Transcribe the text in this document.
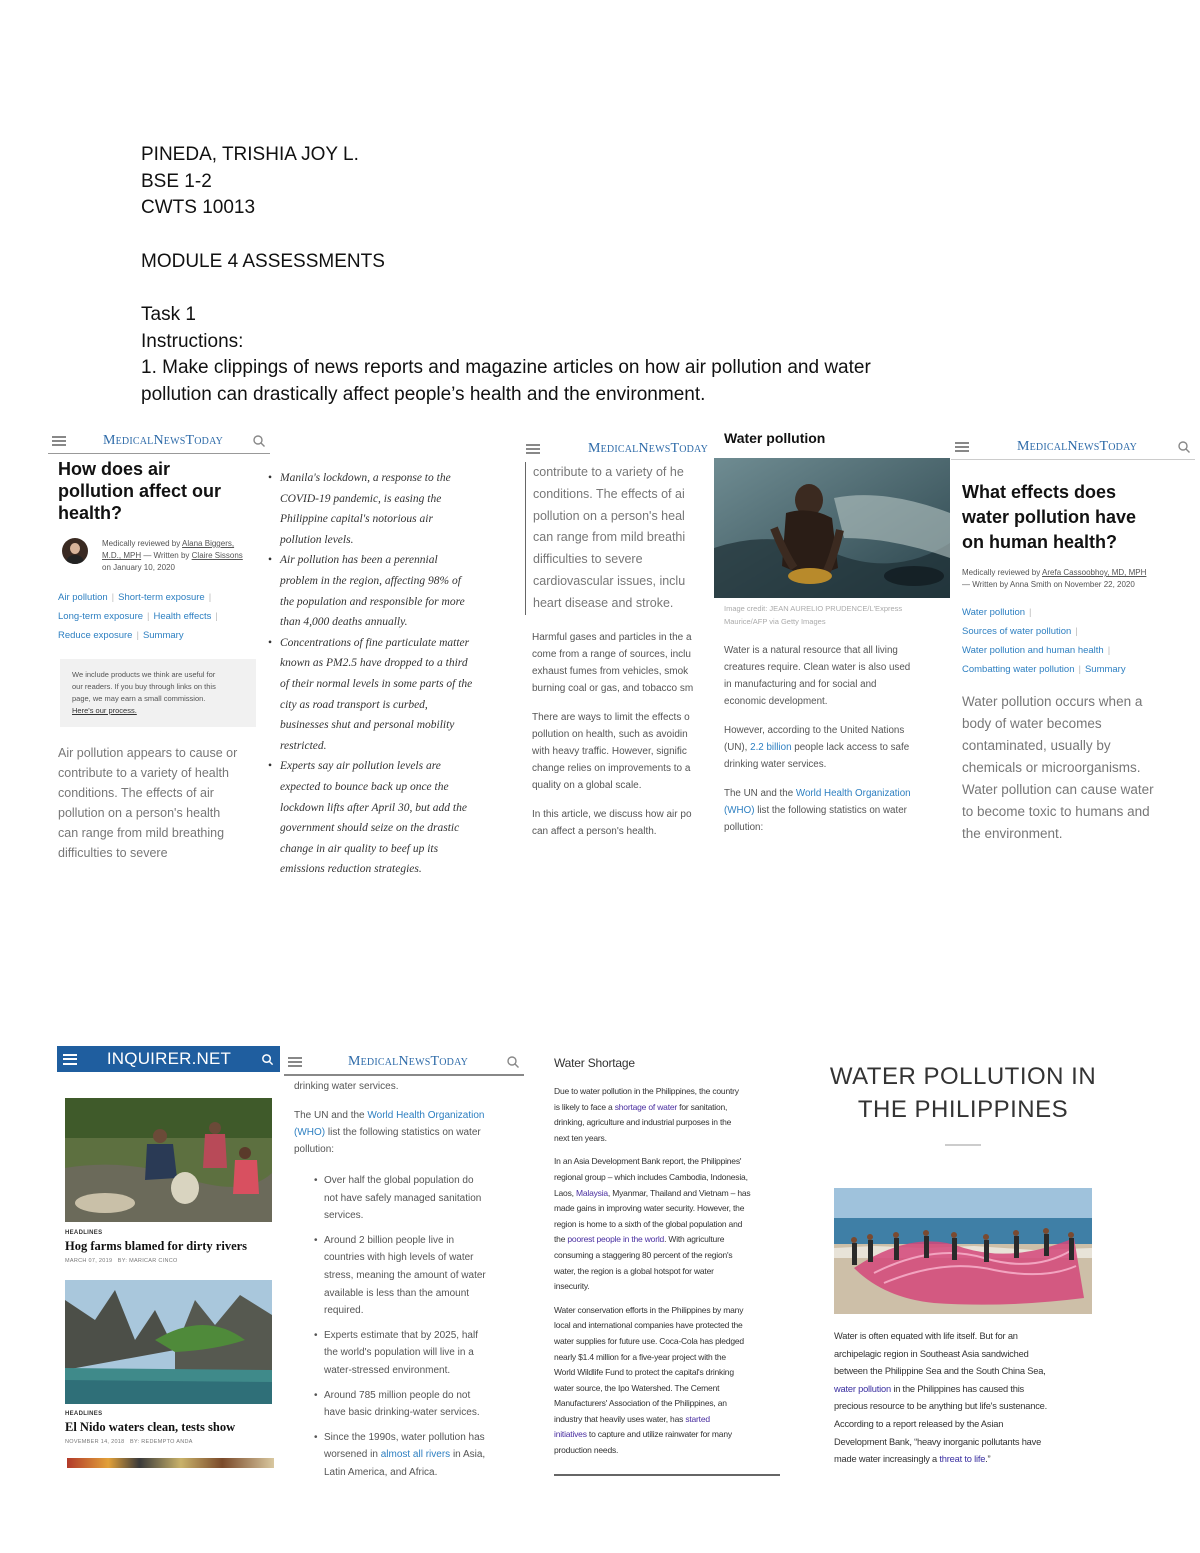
PINEDA, TRISHIA JOY L.
BSE 1-2
CWTS 10013
MODULE 4 ASSESSMENTS
Task 1
Instructions:
1. Make clippings of news reports and magazine articles on how air pollution and water
pollution can drastically affect people’s health and the environment.
MedicalNewsToday
How does air
pollution affect our
health?
Medically reviewed by Alana Biggers,
M.D., MPH — Written by Claire Sissons
on January 10, 2020
Air pollution | Short-term exposure |
Long-term exposure | Health effects |
Reduce exposure | Summary
We include products we think are useful for
our readers. If you buy through links on this
page, we may earn a small commission.
Here's our process.
Air pollution appears to cause or
contribute to a variety of health
conditions. The effects of air
pollution on a person's health
can range from mild breathing
difficulties to severe
• Manila's lockdown, a response to the
COVID-19 pandemic, is easing the
Philippine capital's notorious air
pollution levels.
• Air pollution has been a perennial
problem in the region, affecting 98% of
the population and responsible for more
than 4,000 deaths annually.
• Concentrations of fine particulate matter
known as PM2.5 have dropped to a third
of their normal levels in some parts of the
city as road transport is curbed,
businesses shut and personal mobility
restricted.
• Experts say air pollution levels are
expected to bounce back up once the
lockdown lifts after April 30, but add the
government should seize on the drastic
change in air quality to beef up its
emissions reduction strategies.
MedicalNewsToday
contribute to a variety of he
conditions. The effects of ai
pollution on a person's heal
can range from mild breathi
difficulties to severe
cardiovascular issues, inclu
heart disease and stroke.
Harmful gases and particles in the a
come from a range of sources, inclu
exhaust fumes from vehicles, smok
burning coal or gas, and tobacco sm
There are ways to limit the effects o
pollution on health, such as avoidin
with heavy traffic. However, signific
change relies on improvements to a
quality on a global scale.
In this article, we discuss how air po
can affect a person's health.
Water pollution
Image credit: JEAN AURELIO PRUDENCE/L'Express
Maurice/AFP via Getty Images
Water is a natural resource that all living
creatures require. Clean water is also used
in manufacturing and for social and
economic development.
However, according to the United Nations
(UN), 2.2 billion people lack access to safe
drinking water services.
The UN and the World Health Organization
(WHO) list the following statistics on water
pollution:
MedicalNewsToday
What effects does
water pollution have
on human health?
Medically reviewed by Arefa Cassoobhoy, MD, MPH
— Written by Anna Smith on November 22, 2020
Water pollution |
Sources of water pollution |
Water pollution and human health |
Combatting water pollution | Summary
Water pollution occurs when a
body of water becomes
contaminated, usually by
chemicals or microorganisms.
Water pollution can cause water
to become toxic to humans and
the environment.
INQUIRER.NET
HEADLINES
Hog farms blamed for dirty rivers
MARCH 07, 2019 BY: MARICAR CINCO
HEADLINES
El Nido waters clean, tests show
NOVEMBER 14, 2018 BY: REDEMPTO ANDA
MedicalNewsToday
drinking water services.
The UN and the World Health Organization
(WHO) list the following statistics on water
pollution:
• Over half the global population do
not have safely managed sanitation
services.
• Around 2 billion people live in
countries with high levels of water
stress, meaning the amount of water
available is less than the amount
required.
• Experts estimate that by 2025, half
the world's population will live in a
water-stressed environment.
• Around 785 million people do not
have basic drinking-water services.
• Since the 1990s, water pollution has
worsened in almost all rivers in Asia,
Latin America, and Africa.
Water Shortage
Due to water pollution in the Philippines, the country
is likely to face a shortage of water for sanitation,
drinking, agriculture and industrial purposes in the
next ten years.
In an Asia Development Bank report, the Philippines'
regional group – which includes Cambodia, Indonesia,
Laos, Malaysia, Myanmar, Thailand and Vietnam – has
made gains in improving water security. However, the
region is home to a sixth of the global population and
the poorest people in the world. With agriculture
consuming a staggering 80 percent of the region's
water, the region is a global hotspot for water
insecurity.
Water conservation efforts in the Philippines by many
local and international companies have protected the
water supplies for future use. Coca-Cola has pledged
nearly $1.4 million for a five-year project with the
World Wildlife Fund to protect the capital's drinking
water source, the Ipo Watershed. The Cement
Manufacturers' Association of the Philippines, an
industry that heavily uses water, has started
initiatives to capture and utilize rainwater for many
production needs.
WATER POLLUTION IN
THE PHILIPPINES
Water is often equated with life itself. But for an
archipelagic region in Southeast Asia sandwiched
between the Philippine Sea and the South China Sea,
water pollution in the Philippines has caused this
precious resource to be anything but life's sustenance.
According to a report released by the Asian
Development Bank, “heavy inorganic pollutants have
made water increasingly a threat to life.”
